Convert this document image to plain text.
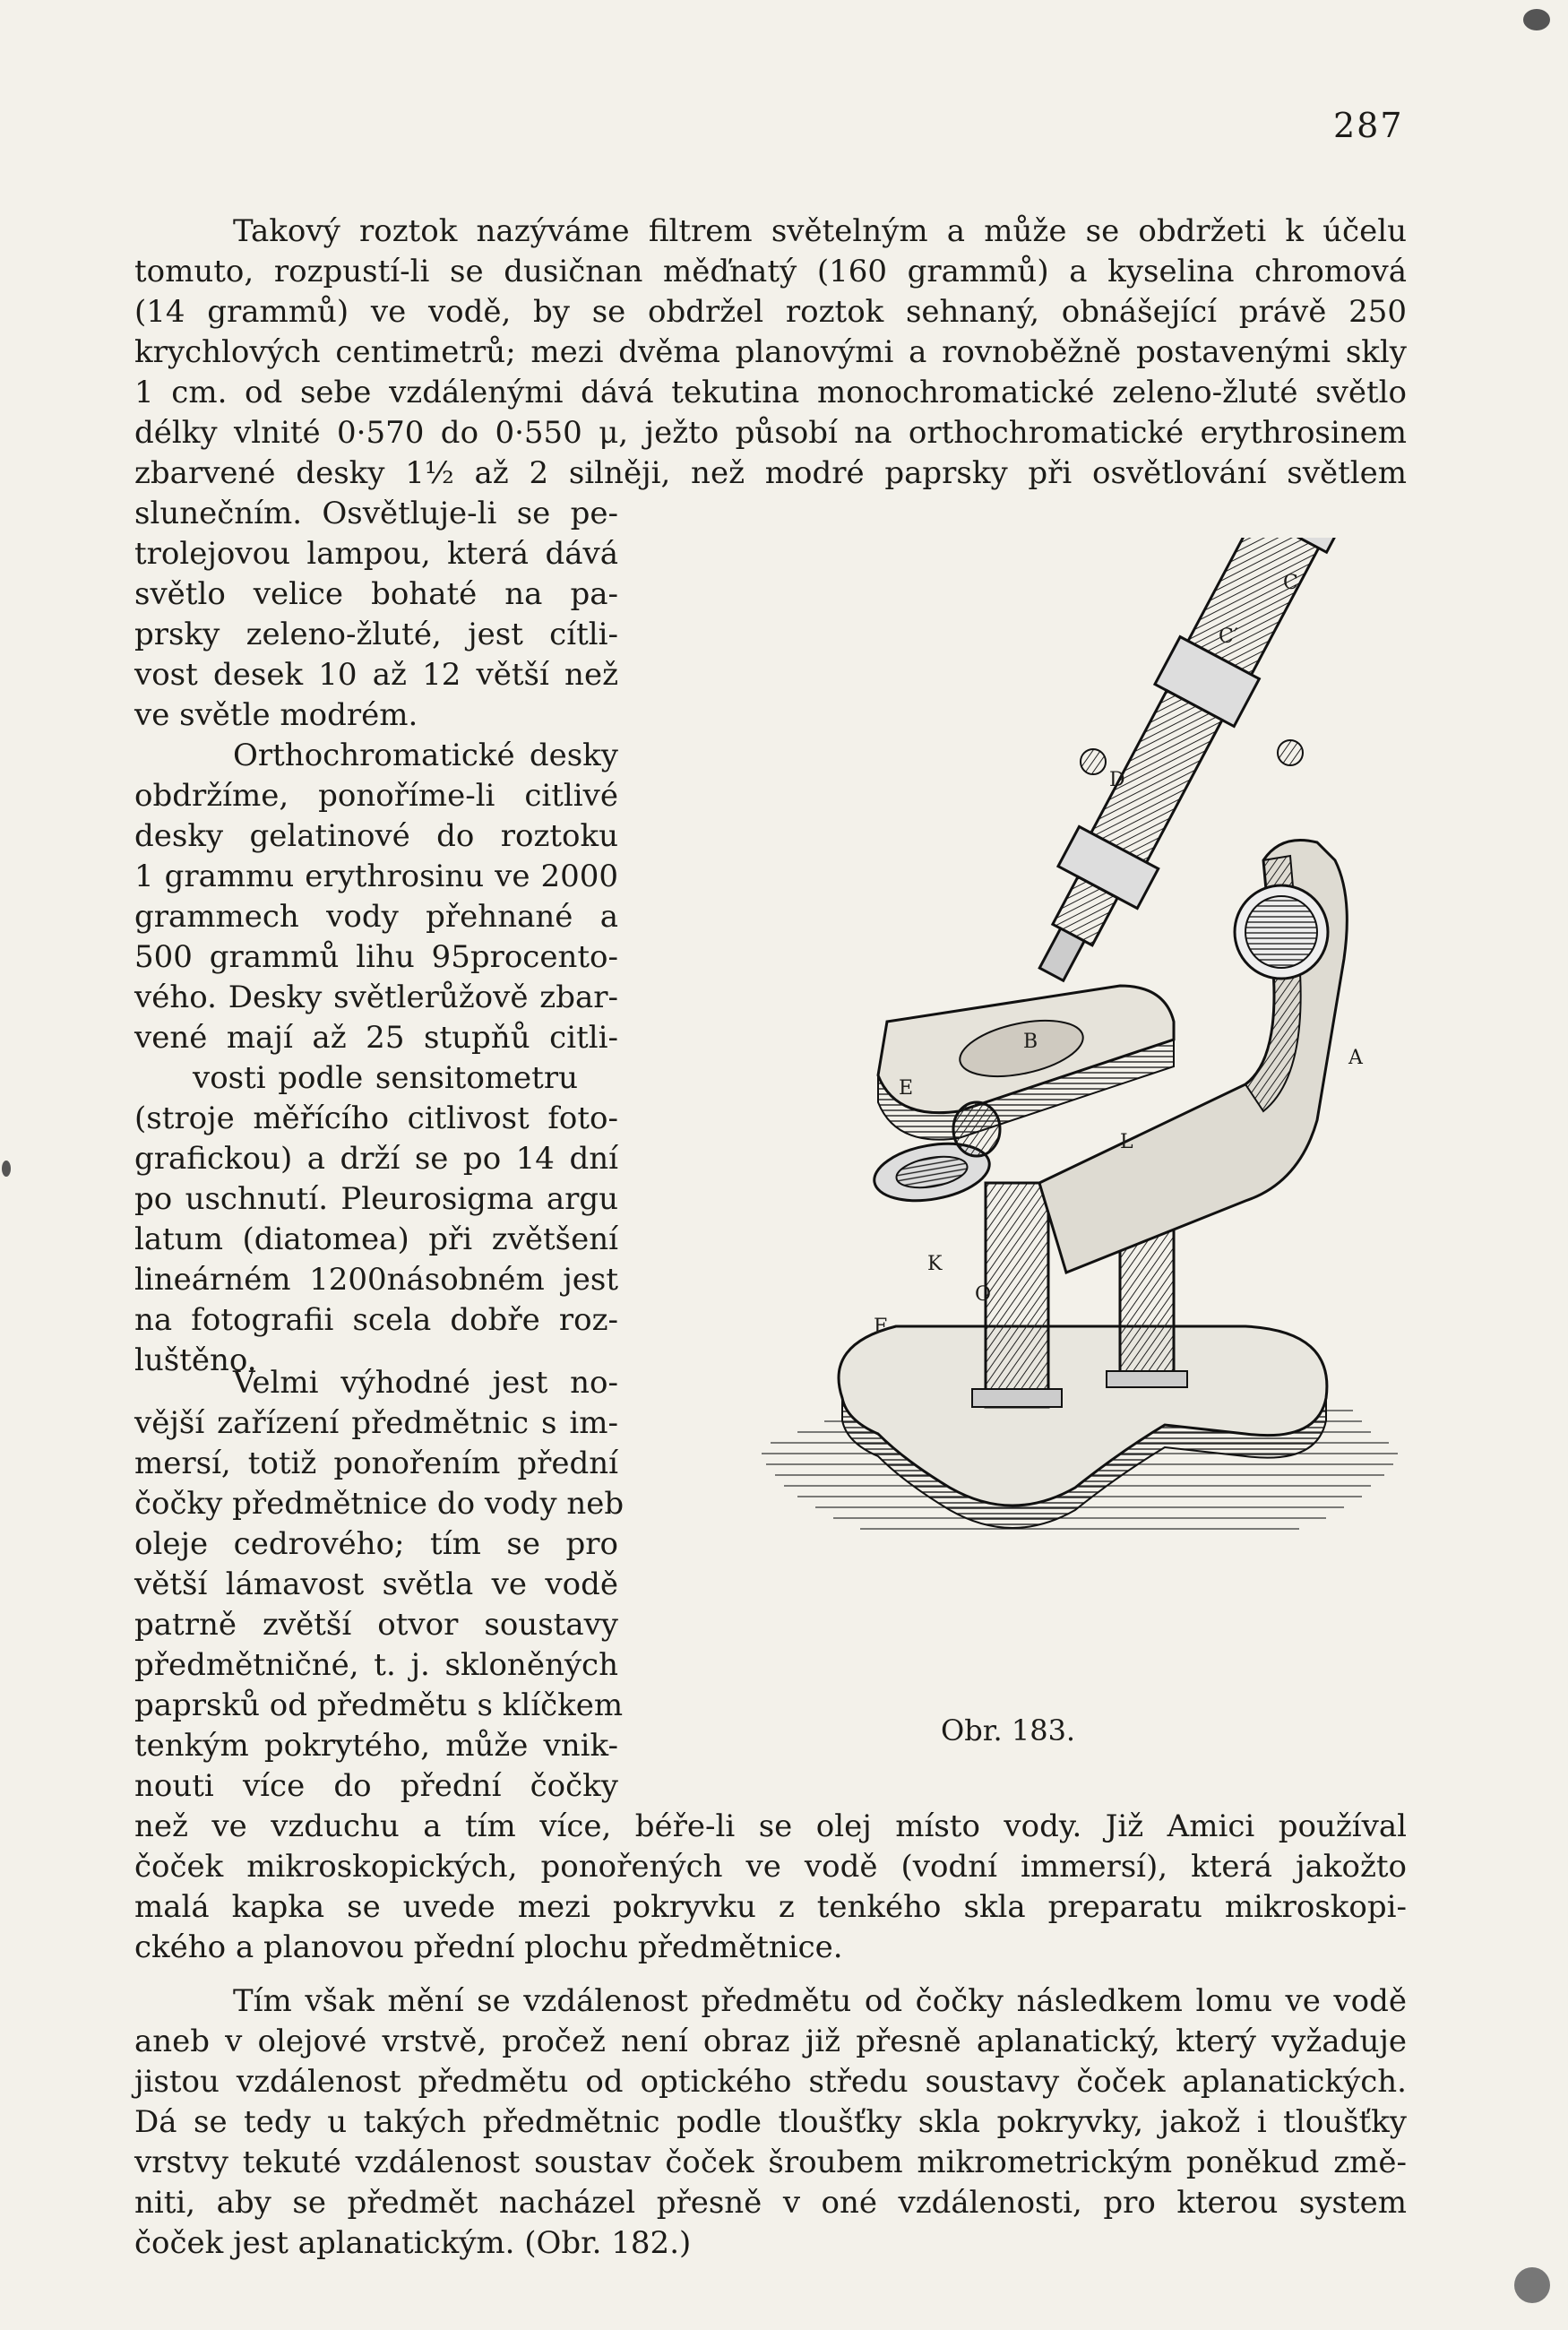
287
Takový roztok nazýváme filtrem světelným a může se obdržeti k účelu
tomuto, rozpustí-li se dusičnan měďnatý (160 grammů) a kyselina chromová
(14 grammů) ve vodě, by se obdržel roztok sehnaný, obnášející právě 250
krychlových centimetrů; mezi dvěma planovými a rovnoběžně postavenými skly
1 cm. od sebe vzdálenými dává tekutina monochromatické zeleno-žluté světlo
délky vlnité 0·570 do 0·550 μ, ježto působí na orthochromatické erythrosinem
zbarvené desky 1½ až 2 silněji, než modré paprsky při osvětlování světlem
slunečním. Osvětluje-li se pe-
trolejovou lampou, která dává
světlo velice bohaté na pa-
prsky zeleno-žluté, jest cítli-
vost desek 10 až 12 větší než
ve světle modrém.
Orthochromatické desky
obdržíme, ponoříme-li citlivé
desky gelatinové do roztoku
1 grammu erythrosinu ve 2000
grammech vody přehnané a
500 grammů lihu 95procento-
vého. Desky světlerůžově zbar-
vené mají až 25 stupňů citli-
vosti podle sensitometru
(stroje měřícího citlivost foto-
grafickou) a drží se po 14 dní
po uschnutí. Pleurosigma argu
latum (diatomea) při zvětšení
lineárném 1200násobném jest
na fotografii scela dobře roz-
luštěno.
Velmi výhodné jest no-
vější zařízení předmětnic s im-
mersí, totiž ponořením přední
čočky předmětnice do vody neb
oleje cedrového; tím se pro
větší lámavost světla ve vodě
patrně zvětší otvor soustavy
předmětničné, t. j. skloněných
paprsků od předmětu s klíčkem
tenkým pokrytého, může vnik-
nouti více do přední čočky
než ve vzduchu a tím více, béře-li se olej místo vody. Již Amici používal
čoček mikroskopických, ponořených ve vodě (vodní immersí), která jakožto
malá kapka se uvede mezi pokryvku z tenkého skla preparatu mikroskopi-
ckého a planovou přední plochu předmětnice.
Tím však mění se vzdálenost předmětu od čočky následkem lomu ve vodě
aneb v olejové vrstvě, pročež není obraz již přesně aplanatický, který vyžaduje
jistou vzdálenost předmětu od optického středu soustavy čoček aplanatických.
Dá se tedy u takých předmětnic podle tloušťky skla pokryvky, jakož i tloušťky
vrstvy tekuté vzdálenost soustav čoček šroubem mikrometrickým poněkud změ-
niti, aby se předmět nacházel přesně v oné vzdálenosti, pro kterou system
čoček jest aplanatickým. (Obr. 182.)
C
C′
D
B
A
E
L
K
O
F
Obr. 183.
